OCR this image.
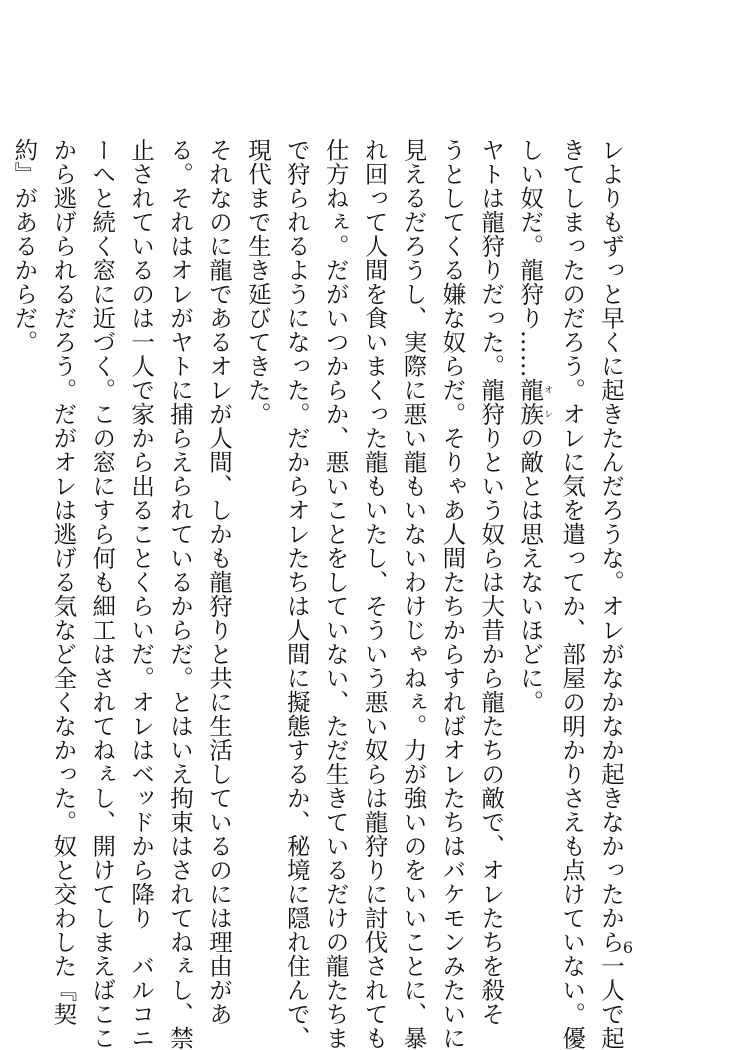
レよりもずっと早くに起きたんだろうな。オレがなかなか起きなかったから一人で起
きてしまったのだろう。オレに気を遣ってか、部屋の明かりさえも点けていない。優
しい奴だ。龍狩り……龍族オレの敵とは思えないほどに。
ヤトは龍狩りだった。龍狩りという奴らは大昔から龍たちの敵で、オレたちを殺そ
うとしてくる嫌な奴らだ。そりゃあ人間たちからすればオレたちはバケモンみたいに
見えるだろうし、実際に悪い龍もいないわけじゃねぇ。力が強いのをいいことに、暴
れ回って人間を食いまくった龍もいたし、そういう悪い奴らは龍狩りに討伐されても
仕方ねぇ。だがいつからか、悪いことをしていない、ただ生きているだけの龍たちま
で狩られるようになった。だからオレたちは人間に擬態するか、秘境に隠れ住んで、
現代まで生き延びてきた。
それなのに龍であるオレが人間、しかも龍狩りと共に生活しているのには理由があ
る。それはオレがヤトに捕らえられているからだ。とはいえ拘束はされてねぇし、禁
止されているのは一人で家から出ることくらいだ。オレはベッドから降り　バルコニ
ーへと続く窓に近づく。この窓にすら何も細工はされてねぇし、開けてしまえばここ
から逃げられるだろう。だがオレは逃げる気など全くなかった。奴と交わした『契
約』があるからだ。
6
